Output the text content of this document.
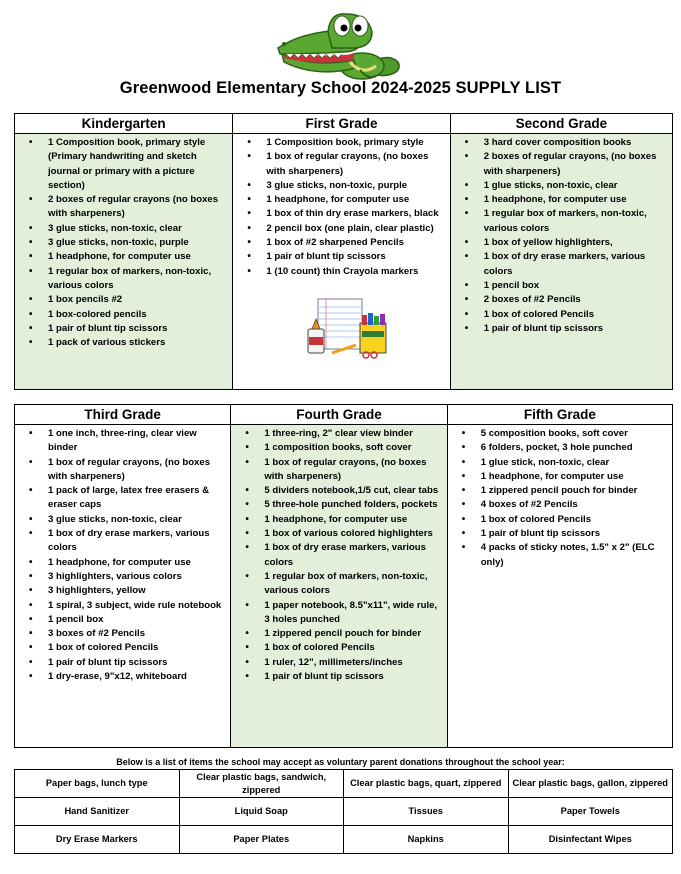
Greenwood Elementary School 2024-2025 SUPPLY LIST
Kindergarten
• 1 Composition book, primary style (Primary handwriting and sketch journal or primary with a picture section)
• 2 boxes of regular crayons (no boxes with sharpeners)
• 3 glue sticks, non-toxic, clear
• 3 glue sticks, non-toxic, purple
• 1 headphone, for computer use
• 1 regular box of markers, non-toxic, various colors
• 1 box pencils #2
• 1 box-colored pencils
• 1 pair of blunt tip scissors
• 1 pack of various stickers
First Grade
• 1 Composition book, primary style
• 1 box of regular crayons, (no boxes with sharpeners)
• 3 glue sticks, non-toxic, purple
• 1 headphone, for computer use
• 1 box of thin dry erase markers, black
• 2 pencil box (one plain, clear plastic)
• 1 box of #2 sharpened Pencils
• 1 pair of blunt tip scissors
• 1 (10 count) thin Crayola markers
Second Grade
• 3 hard cover composition books
• 2 boxes of regular crayons, (no boxes with sharpeners)
• 1 glue sticks, non-toxic, clear
• 1 headphone, for computer use
• 1 regular box of markers, non-toxic, various colors
• 1 box of yellow highlighters,
• 1 box of dry erase markers, various colors
• 1 pencil box
• 2 boxes of #2 Pencils
• 1 box of colored Pencils
• 1 pair of blunt tip scissors
Third Grade
• 1 one inch, three-ring, clear view binder
• 1 box of regular crayons, (no boxes with sharpeners)
• 1 pack of large, latex free erasers & eraser caps
• 3 glue sticks, non-toxic, clear
• 1 box of dry erase markers, various colors
• 1 headphone, for computer use
• 3 highlighters, various colors
• 3 highlighters, yellow
• 1 spiral, 3 subject, wide rule notebook
• 1 pencil box
• 3 boxes of #2 Pencils
• 1 box of colored Pencils
• 1 pair of blunt tip scissors
• 1 dry-erase, 9"x12, whiteboard
Fourth Grade
• 1 three-ring, 2" clear view binder
• 1 composition books, soft cover
• 1 box of regular crayons, (no boxes with sharpeners)
• 5 dividers notebook,1/5 cut, clear tabs
• 5 three-hole punched folders, pockets
• 1 headphone, for computer use
• 1 box of various colored highlighters
• 1 box of dry erase markers, various colors
• 1 regular box of markers, non-toxic, various colors
• 1 paper notebook, 8.5"x11", wide rule, 3 holes punched
• 1 zippered pencil pouch for binder
• 1 box of colored Pencils
• 1 ruler, 12", millimeters/inches
• 1 pair of blunt tip scissors
Fifth Grade
• 5 composition books, soft cover
• 6 folders, pocket, 3 hole punched
• 1 glue stick, non-toxic, clear
• 1 headphone, for computer use
• 1 zippered pencil pouch for binder
• 4 boxes of #2 Pencils
• 1 box of colored Pencils
• 1 pair of blunt tip scissors
• 4 packs of sticky notes, 1.5" x 2" (ELC only)
Below is a list of items the school may accept as voluntary parent donations throughout the school year:
Paper bags, lunch type	Clear plastic bags, sandwich, zippered	Clear plastic bags, quart, zippered	Clear plastic bags, gallon, zippered
Hand Sanitizer	Liquid Soap	Tissues	Paper Towels
Dry Erase Markers	Paper Plates	Napkins	Disinfectant Wipes
